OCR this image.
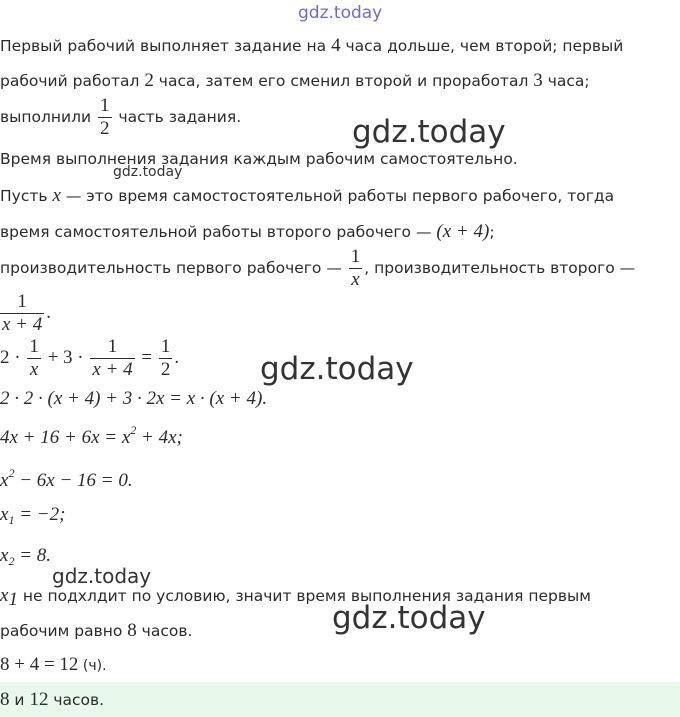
gdz.today
gdz.today
gdz.today
gdz.today
gdz.today
gdz.today
Первый рабочий выполняет задание на 4 часа дольше, чем второй; первый
рабочий работал 2 часа, затем его сменил второй и проработал 3 часа;
выполнили $\frac{1}{2}$ часть задания.
Время выполнения задания каждым рабочим самостоятельно.
Пусть x — это время самостостоятельной работы первого рабочего, тогда
время самостоятельной работы второго рабочего — (x + 4);
производительность первого рабочего — $\frac{1}{x}$ , производительность второго —
$\frac{1}{x + 4}$ .
$2 \cdot \frac{1}{x} + 3 \cdot \frac{1}{x + 4} = \frac{1}{2}$ .
2 · 2 · (x + 4) + 3 · 2x = x · (x + 4).
$4x + 16 + 6x = x^2 + 4x$;
$x^2 - 6x - 16 = 0$.
$x_1 = -2$;
$x_2 = 8$.
$x_1$ не подхлдит по условию, значит время выполнения задания первым
рабочим равно 8 часов.
8 + 4 = 12 (ч).
8 и 12 часов.
